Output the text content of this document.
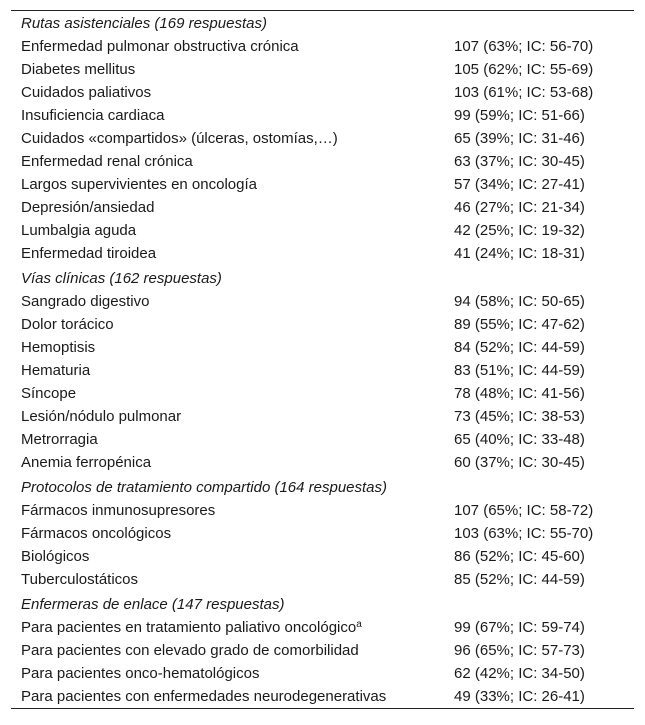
Rutas asistenciales (169 respuestas)
Enfermedad pulmonar obstructiva crónica	107 (63%; IC: 56-70)
Diabetes mellitus	105 (62%; IC: 55-69)
Cuidados paliativos	103 (61%; IC: 53-68)
Insuficiencia cardiaca	99 (59%; IC: 51-66)
Cuidados «compartidos» (úlceras, ostomías,…)	65 (39%; IC: 31-46)
Enfermedad renal crónica	63 (37%; IC: 30-45)
Largos supervivientes en oncología	57 (34%; IC: 27-41)
Depresión/ansiedad	46 (27%; IC: 21-34)
Lumbalgia aguda	42 (25%; IC: 19-32)
Enfermedad tiroidea	41 (24%; IC: 18-31)
Vías clínicas (162 respuestas)
Sangrado digestivo	94 (58%; IC: 50-65)
Dolor torácico	89 (55%; IC: 47-62)
Hemoptisis	84 (52%; IC: 44-59)
Hematuria	83 (51%; IC: 44-59)
Síncope	78 (48%; IC: 41-56)
Lesión/nódulo pulmonar	73 (45%; IC: 38-53)
Metrorragia	65 (40%; IC: 33-48)
Anemia ferropénica	60 (37%; IC: 30-45)
Protocolos de tratamiento compartido (164 respuestas)
Fármacos inmunosupresores	107 (65%; IC: 58-72)
Fármacos oncológicos	103 (63%; IC: 55-70)
Biológicos	86 (52%; IC: 45-60)
Tuberculostáticos	85 (52%; IC: 44-59)
Enfermeras de enlace (147 respuestas)
Para pacientes en tratamiento paliativo oncológico$^a$	99 (67%; IC: 59-74)
Para pacientes con elevado grado de comorbilidad	96 (65%; IC: 57-73)
Para pacientes onco-hematológicos	62 (42%; IC: 34-50)
Para pacientes con enfermedades neurodegenerativas	49 (33%; IC: 26-41)
